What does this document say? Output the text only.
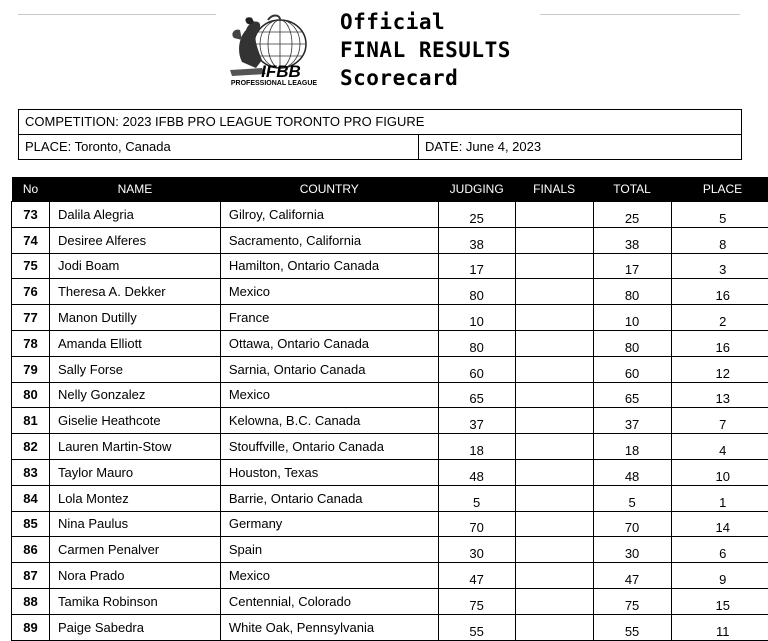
IFBB
PROFESSIONAL LEAGUE
Official
FINAL RESULTS
Scorecard
COMPETITION: 2023 IFBB PRO LEAGUE TORONTO PRO FIGURE
PLACE: Toronto, Canada	DATE: June 4, 2023
No	NAME	COUNTRY	JUDGING	FINALS	TOTAL	PLACE
73	Dalila Alegria	Gilroy, California	25		25	5
74	Desiree Alferes	Sacramento, California	38		38	8
75	Jodi Boam	Hamilton, Ontario Canada	17		17	3
76	Theresa A. Dekker	Mexico	80		80	16
77	Manon Dutilly	France	10		10	2
78	Amanda Elliott	Ottawa, Ontario Canada	80		80	16
79	Sally Forse	Sarnia, Ontario Canada	60		60	12
80	Nelly Gonzalez	Mexico	65		65	13
81	Giselie Heathcote	Kelowna, B.C. Canada	37		37	7
82	Lauren Martin-Stow	Stouffville, Ontario Canada	18		18	4
83	Taylor Mauro	Houston, Texas	48		48	10
84	Lola Montez	Barrie, Ontario Canada	5		5	1
85	Nina Paulus	Germany	70		70	14
86	Carmen Penalver	Spain	30		30	6
87	Nora Prado	Mexico	47		47	9
88	Tamika Robinson	Centennial, Colorado	75		75	15
89	Paige Sabedra	White Oak, Pennsylvania	55		55	11
